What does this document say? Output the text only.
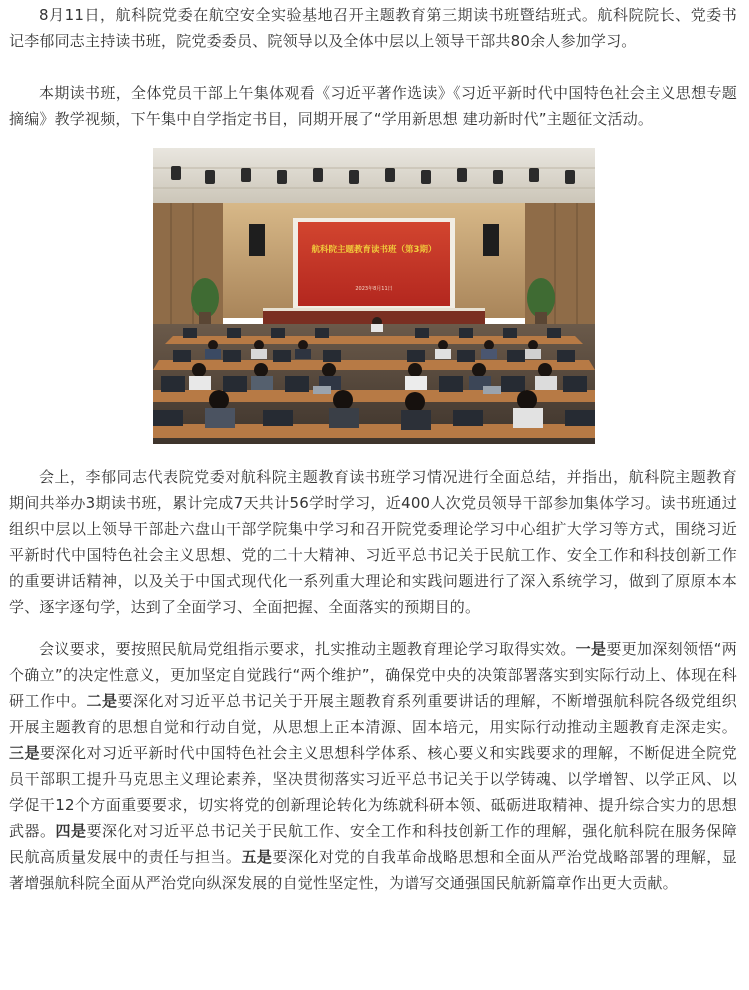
8月11日，航科院党委在航空安全实验基地召开主题教育第三期读书班暨结班式。航科院院长、党委书记李郁同志主持读书班，院党委委员、院领导以及全体中层以上领导干部共80余人参加学习。

本期读书班，全体党员干部上午集体观看《习近平著作选读》《习近平新时代中国特色社会主义思想专题摘编》教学视频，下午集中自学指定书目，同期开展了“学用新思想 建功新时代”主题征文活动。

航科院主题教育读书班（第3期）
2023年8月11日

会上，李郁同志代表院党委对航科院主题教育读书班学习情况进行全面总结，并指出，航科院主题教育期间共举办3期读书班，累计完成7天共计56学时学习，近400人次党员领导干部参加集体学习。读书班通过组织中层以上领导干部赴六盘山干部学院集中学习和召开院党委理论学习中心组扩大学习等方式，围绕习近平新时代中国特色社会主义思想、党的二十大精神、习近平总书记关于民航工作、安全工作和科技创新工作的重要讲话精神，以及关于中国式现代化一系列重大理论和实践问题进行了深入系统学习，做到了原原本本学、逐字逐句学，达到了全面学习、全面把握、全面落实的预期目的。

会议要求，要按照民航局党组指示要求，扎实推动主题教育理论学习取得实效。一是要更加深刻领悟“两个确立”的决定性意义，更加坚定自觉践行“两个维护”，确保党中央的决策部署落实到实际行动上、体现在科研工作中。二是要深化对习近平总书记关于开展主题教育系列重要讲话的理解，不断增强航科院各级党组织开展主题教育的思想自觉和行动自觉，从思想上正本清源、固本培元，用实际行动推动主题教育走深走实。三是要深化对习近平新时代中国特色社会主义思想科学体系、核心要义和实践要求的理解，不断促进全院党员干部职工提升马克思主义理论素养，坚决贯彻落实习近平总书记关于以学铸魂、以学增智、以学正风、以学促干12个方面重要要求，切实将党的创新理论转化为练就科研本领、砥砺进取精神、提升综合实力的思想武器。四是要深化对习近平总书记关于民航工作、安全工作和科技创新工作的理解，强化航科院在服务保障民航高质量发展中的责任与担当。五是要深化对党的自我革命战略思想和全面从严治党战略部署的理解，显著增强航科院全面从严治党向纵深发展的自觉性坚定性，为谱写交通强国民航新篇章作出更大贡献。
